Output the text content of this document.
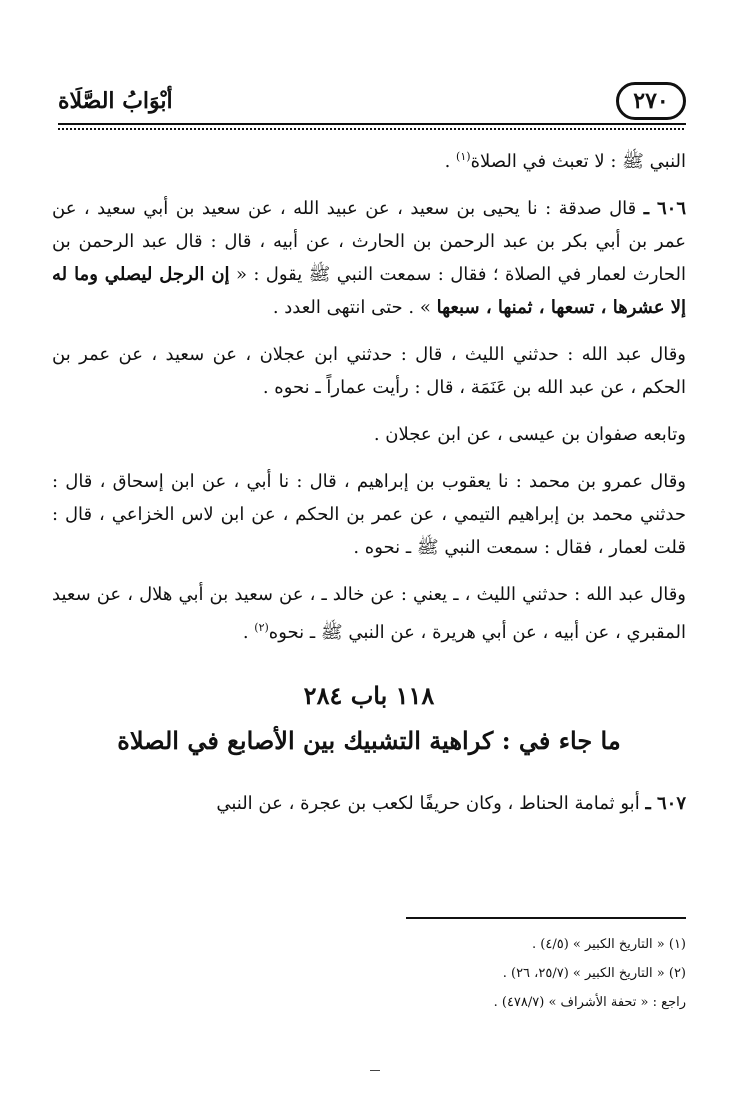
٢٧٠
أبْوَابُ الصَّلَاة

النبي ﷺ : لا تعبث في الصلاة$^{(١)}$ .

٦٠٦ ـ قال صدقة : نا يحيى بن سعيد ، عن عبيد الله ، عن سعيد بن أبي سعيد ، عن عمر بن أبي بكر بن عبد الرحمن بن الحارث ، عن أبيه ، قال : قال عبد الرحمن بن الحارث لعمار في الصلاة ؛ فقال : سمعت النبي ﷺ يقول : « إن الرجل ليصلي وما له إلا عشرها ، تسعها ، ثمنها ، سبعها » . حتى انتهى العدد .

وقال عبد الله : حدثني الليث ، قال : حدثني ابن عجلان ، عن سعيد ، عن عمر بن الحكم ، عن عبد الله بن عَنَمَة ، قال : رأيت عماراً ـ نحوه .

وتابعه صفوان بن عيسى ، عن ابن عجلان .

وقال عمرو بن محمد : نا يعقوب بن إبراهيم ، قال : نا أبي ، عن ابن إسحاق ، قال : حدثني محمد بن إبراهيم التيمي ، عن عمر بن الحكم ، عن ابن لاس الخزاعي ، قال : قلت لعمار ، فقال : سمعت النبي ﷺ ـ نحوه .

وقال عبد الله : حدثني الليث ، ـ يعني : عن خالد ـ ، عن سعيد بن أبي هلال ، عن سعيد المقبري ، عن أبيه ، عن أبي هريرة ، عن النبي ﷺ ـ نحوه$^{(٢)}$ .

١١٨ باب ٢٨٤
ما جاء في : كراهية التشبيك بين الأصابع في الصلاة

٦٠٧ ـ أبو ثمامة الحناط ، وكان حريفًا لكعب بن عجرة ، عن النبي

(١) « التاريخ الكبير » (٤/٥) .
(٢) « التاريخ الكبير » (٢٥/٧، ٢٦) .
راجع : « تحفة الأشراف » (٤٧٨/٧) .
